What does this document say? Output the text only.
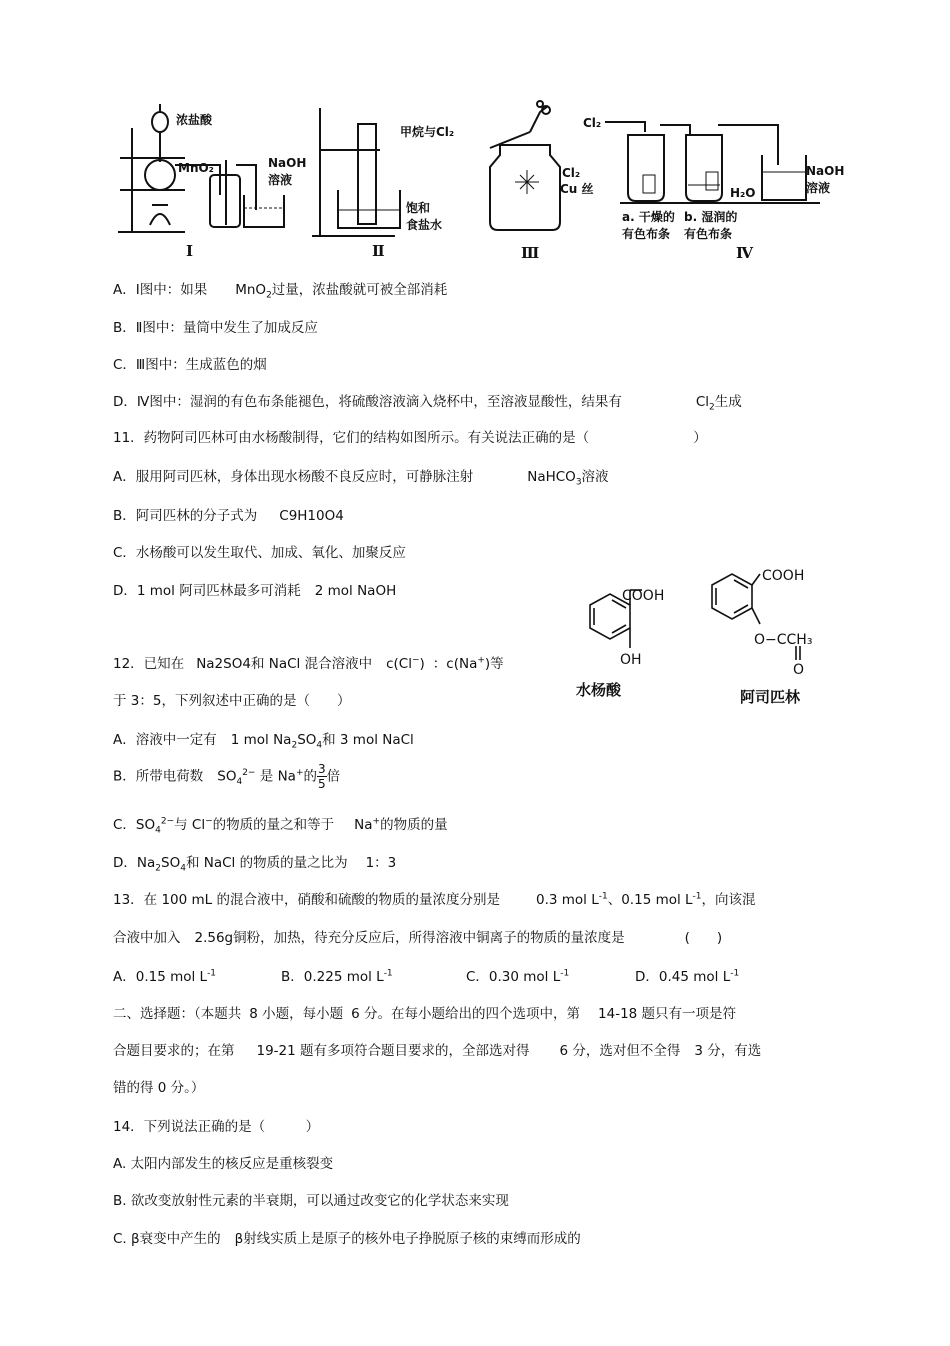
浓盐酸
MnO₂	NaOH
溶液
Ⅰ
甲烷与Cl₂
饱和
食盐水
Ⅱ
Cl₂
Cu 丝
Ⅲ
Cl₂
H₂O
NaOH
溶液
a. 干燥的
有色布条
b. 湿润的
有色布条
Ⅳ
A．Ⅰ图中：如果 MnO$_2$过量，浓盐酸就可被全部消耗
B．Ⅱ图中：量筒中发生了加成反应
C．Ⅲ图中：生成蓝色的烟
D．Ⅳ图中：湿润的有色布条能褪色，将硫酸溶液滴入烧杯中，至溶液显酸性，结果有	$Cl_2$生成
11．药物阿司匹林可由水杨酸制得，它们的结构如图所示。有关说法正确的是（	）
A．服用阿司匹林，身体出现水杨酸不良反应时，可静脉注射	NaHCO$_3$溶液
B．阿司匹林的分子式为 C9H10O4
C．水杨酸可以发生取代、加成、氧化、加聚反应
D．1 mol 阿司匹林最多可消耗 2 mol NaOH	COOH
OH
水杨酸
COOH
O−CCH₃
O
阿司匹林
12．已知在 Na2SO4和 NaCl 混合溶液中 c(Cl−) ：c(Na+)等
于 3：5，下列叙述中正确的是（　　）
A．溶液中一定有 1 mol $Na_2SO_4$和 3 mol NaCl
B．所带电荷数 $SO_4^{2-}$ 是 Na+的 $\frac{3}{5}$ 倍
C．$SO_4^{2-}$与 Cl−的物质的量之和等于 Na+的物质的量
D．$Na_2SO_4$和 NaCl 的物质的量之比为 1：3
13．在 100 mL 的混合液中，硝酸和硫酸的物质的量浓度分别是	0.3 mol $L^{-1}$、0.15 mol $L^{-1}$，向该混
合液中加入 2.56g铜粉，加热，待充分反应后，所得溶液中铜离子的物质的量浓度是	(　　)
A．0.15 mol $L^{-1}$	B．0.225 mol $L^{-1}$	C．0.30 mol $L^{-1}$	D．0.45 mol $L^{-1}$
二、选择题：（本题共 8 小题，每小题 6 分。在每小题给出的四个选项中，第 14-18 题只有一项是符
合题目要求的；在第 19-21 题有多项符合题目要求的，全部选对得 6 分，选对但不全得 3 分，有选
错的得 0 分。）
14．下列说法正确的是（　　　）
A. 太阳内部发生的核反应是重核裂变
B. 欲改变放射性元素的半衰期，可以通过改变它的化学状态来实现
C. β衰变中产生的 β射线实质上是原子的核外电子挣脱原子核的束缚而形成的
